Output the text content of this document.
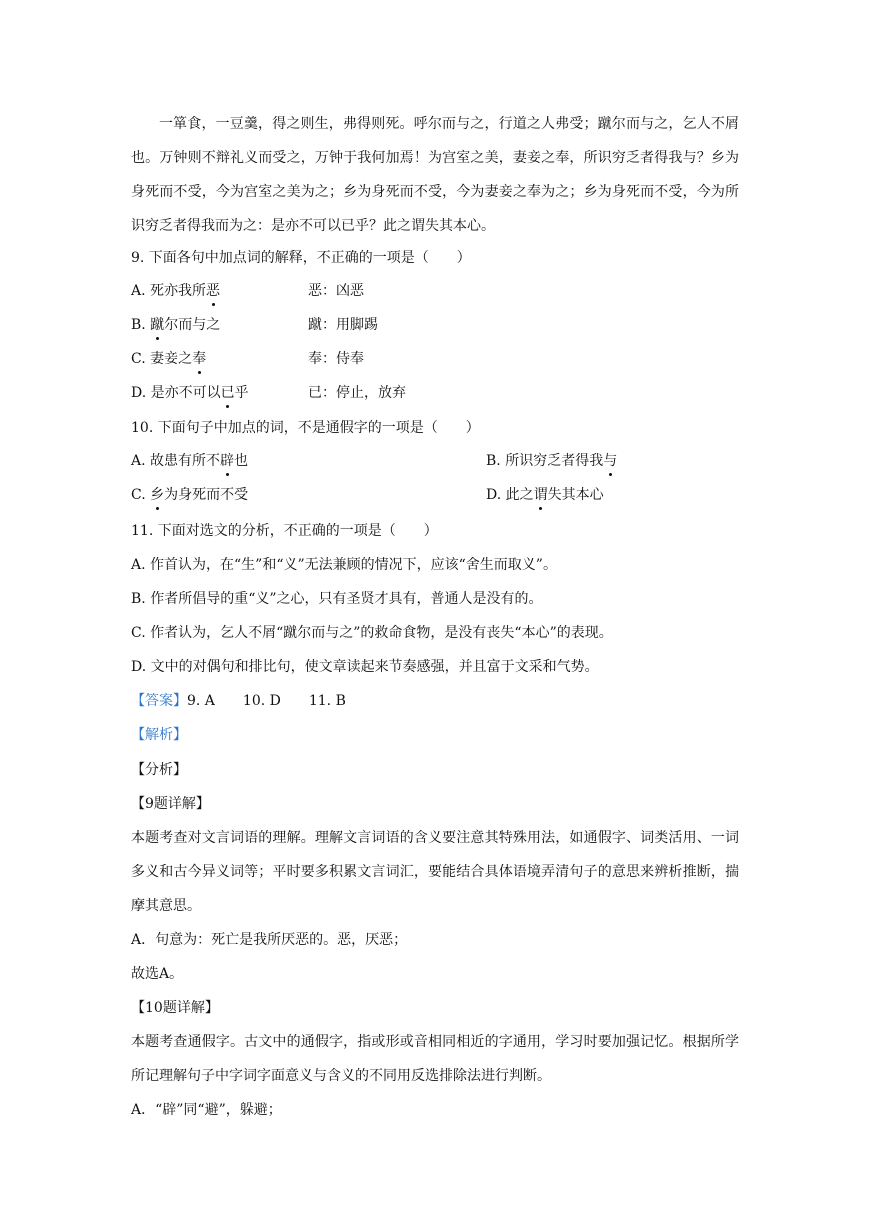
一箪食，一豆羹，得之则生，弗得则死。呼尔而与之，行道之人弗受；蹴尔而与之，乞人不屑也。万钟则不辩礼义而受之，万钟于我何加焉！为宫室之美，妻妾之奉，所识穷乏者得我与？乡为身死而不受，今为宫室之美为之；乡为身死而不受，今为妻妾之奉为之；乡为身死而不受，今为所识穷乏者得我而为之：是亦不可以已乎？此之谓失其本心。
9. 下面各句中加点词的解释，不正确的一项是（　　）
A. 死亦我所恶	恶：凶恶
B. 蹴尔而与之	蹴：用脚踢
C. 妻妾之奉	奉：侍奉
D. 是亦不可以已乎	已：停止，放弃
10. 下面句子中加点的词，不是通假字的一项是（　　）
A. 故患有所不辟也	B. 所识穷乏者得我与
C. 乡为身死而不受	D. 此之谓失其本心
11. 下面对选文的分析，不正确的一项是（　　）
A. 作首认为，在“生”和“义”无法兼顾的情况下，应该“舍生而取义”。
B. 作者所倡导的重“义”之心，只有圣贤才具有，普通人是没有的。
C. 作者认为，乞人不屑“蹴尔而与之”的救命食物，是没有丧失“本心”的表现。
D. 文中的对偶句和排比句，使文章读起来节奏感强，并且富于文采和气势。
【答案】9. A　　10. D　　11. B
【解析】
【分析】
【9题详解】
本题考查对文言词语的理解。理解文言词语的含义要注意其特殊用法，如通假字、词类活用、一词多义和古今异义词等；平时要多积累文言词汇，要能结合具体语境弄清句子的意思来辨析推断，揣摩其意思。
A．句意为：死亡是我所厌恶的。恶，厌恶；
故选A。
【10题详解】
本题考查通假字。古文中的通假字，指或形或音相同相近的字通用，学习时要加强记忆。根据所学所记理解句子中字词字面意义与含义的不同用反选排除法进行判断。
A．“辟”同“避”，躲避；
